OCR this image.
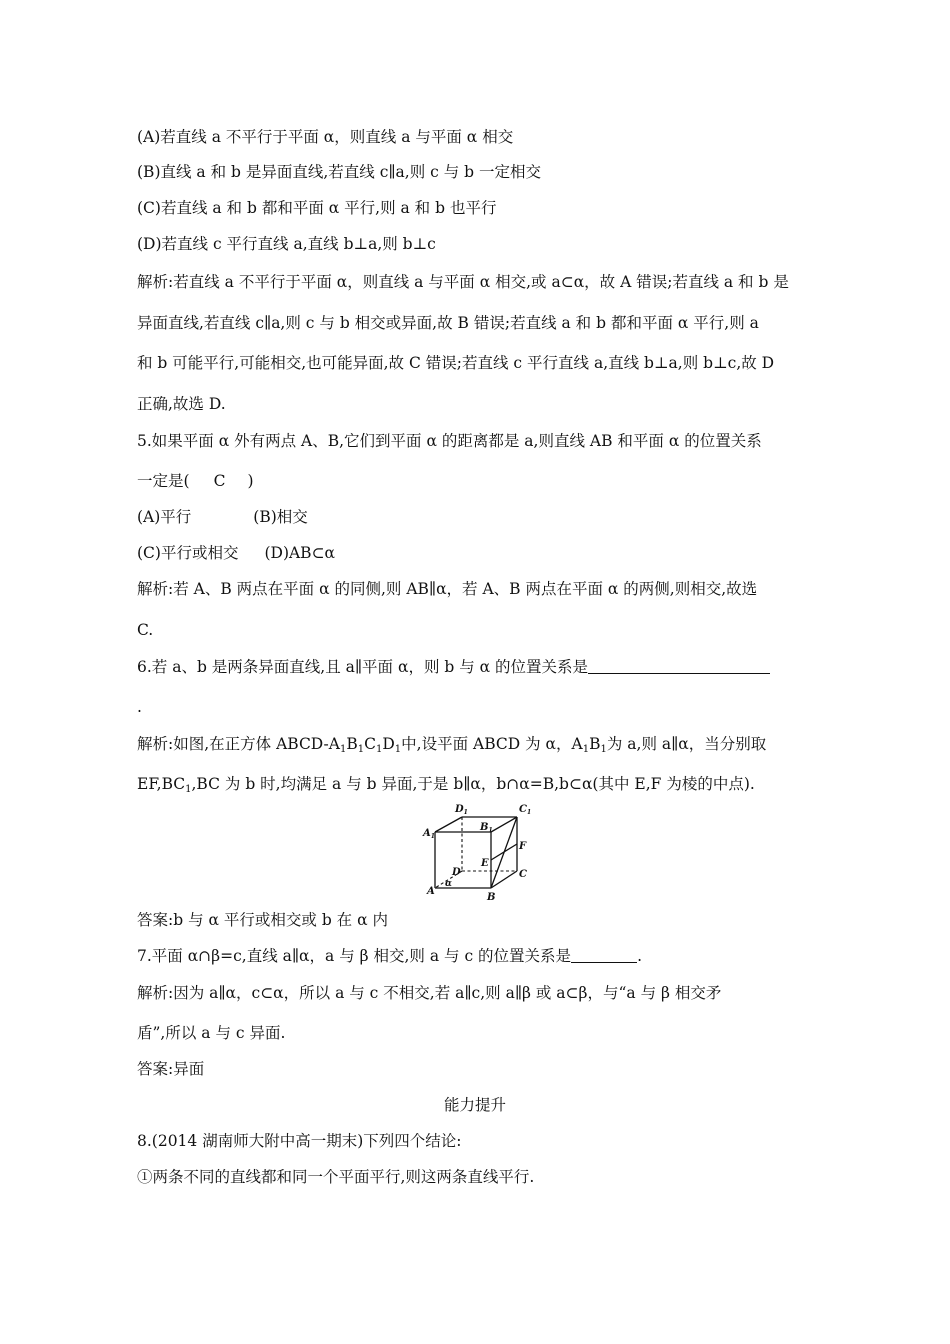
(A)若直线 a 不平行于平面 α，则直线 a 与平面 α 相交
(B)直线 a 和 b 是异面直线,若直线 c∥a,则 c 与 b 一定相交
(C)若直线 a 和 b 都和平面 α 平行,则 a 和 b 也平行
(D)若直线 c 平行直线 a,直线 b⊥a,则 b⊥c
解析:若直线 a 不平行于平面 α，则直线 a 与平面 α 相交,或 a⊂α，故 A 错误;若直线 a 和 b 是
异面直线,若直线 c∥a,则 c 与 b 相交或异面,故 B 错误;若直线 a 和 b 都和平面 α 平行,则 a
和 b 可能平行,可能相交,也可能异面,故 C 错误;若直线 c 平行直线 a,直线 b⊥a,则 b⊥c,故 D
正确,故选 D.
5.如果平面 α 外有两点 A、B,它们到平面 α 的距离都是 a,则直线 AB 和平面 α 的位置关系
一定是( C )
(A)平行	(B)相交
(C)平行或相交 (D)AB⊂α
解析:若 A、B 两点在平面 α 的同侧,则 AB∥α，若 A、B 两点在平面 α 的两侧,则相交,故选
C.
6.若 a、b 是两条异面直线,且 a∥平面 α，则 b 与 α 的位置关系是
.
解析:如图,在正方体 ABCD-$A_1B_1C_1D_1$中,设平面 ABCD 为 α，$A_1B_1$为 a,则 a∥α，当分别取
$EF,BC_1,BC$ 为 b 时,均满足 a 与 b 异面,于是 b∥α，b∩α=B,b⊂α(其中 E,F 为棱的中点).
$D_1$	$C_1$
$A_1$
$B_1$
E
F
D	C
A
B
α
答案:b 与 α 平行或相交或 b 在 α 内
7.平面 α∩β=c,直线 a∥α，a 与 β 相交,则 a 与 c 的位置关系是	.
解析:因为 a∥α，c⊂α，所以 a 与 c 不相交,若 a∥c,则 a∥β 或 a⊂β，与“a 与 β 相交矛
盾”,所以 a 与 c 异面.
答案:异面
能力提升
8.(2014 湖南师大附中高一期末)下列四个结论:
①两条不同的直线都和同一个平面平行,则这两条直线平行.
